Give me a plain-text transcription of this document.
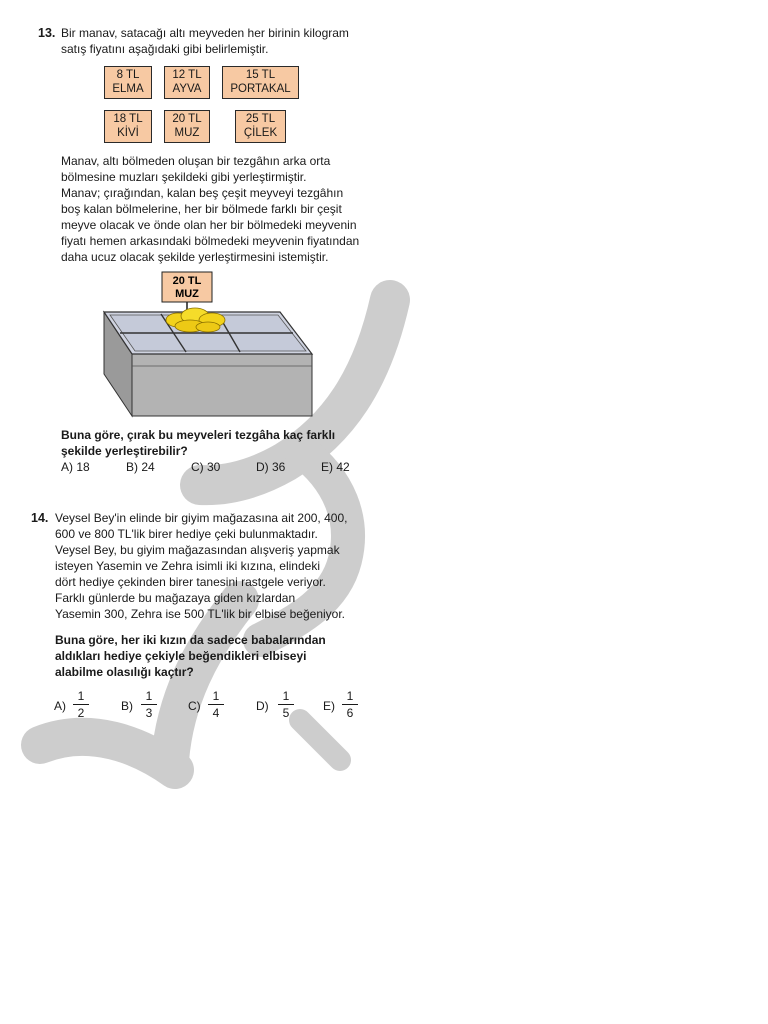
13. Bir manav, satacağı altı meyveden her birinin kilogram
satış fiyatını aşağıdaki gibi belirlemiştir.

8 TL
ELMA
12 TL
AYVA
15 TL
PORTAKAL
18 TL
KİVİ
20 TL
MUZ
25 TL
ÇİLEK

Manav, altı bölmeden oluşan bir tezgâhın arka orta
bölmesine muzları şekildeki gibi yerleştirmiştir.
Manav; çırağından, kalan beş çeşit meyveyi tezgâhın
boş kalan bölmelerine, her bir bölmede farklı bir çeşit
meyve olacak ve önde olan her bir bölmedeki meyvenin
fiyatı hemen arkasındaki bölmedeki meyvenin fiyatından
daha ucuz olacak şekilde yerleştirmesini istemiştir.

20 TL
MUZ

Buna göre, çırak bu meyveleri tezgâha kaç farklı
şekilde yerleştirebilir?

A) 18	B) 24	C) 30	D) 36	E) 42
14. Veysel Bey'in elinde bir giyim mağazasına ait 200, 400,
600 ve 800 TL'lik birer hediye çeki bulunmaktadır.
Veysel Bey, bu giyim mağazasından alışveriş yapmak
isteyen Yasemin ve Zehra isimli iki kızına, elindeki
dört hediye çekinden birer tanesini rastgele veriyor.
Farklı günlerde bu mağazaya giden kızlardan
Yasemin 300, Zehra ise 500 TL'lik bir elbise beğeniyor.

Buna göre, her iki kızın da sadece babalarından
aldıkları hediye çekiyle beğendikleri elbiseyi
alabilme olasılığı kaçtır?

A)
1
2	B)
1
3	C)
1
4	D)
1
5	E)
1
6
